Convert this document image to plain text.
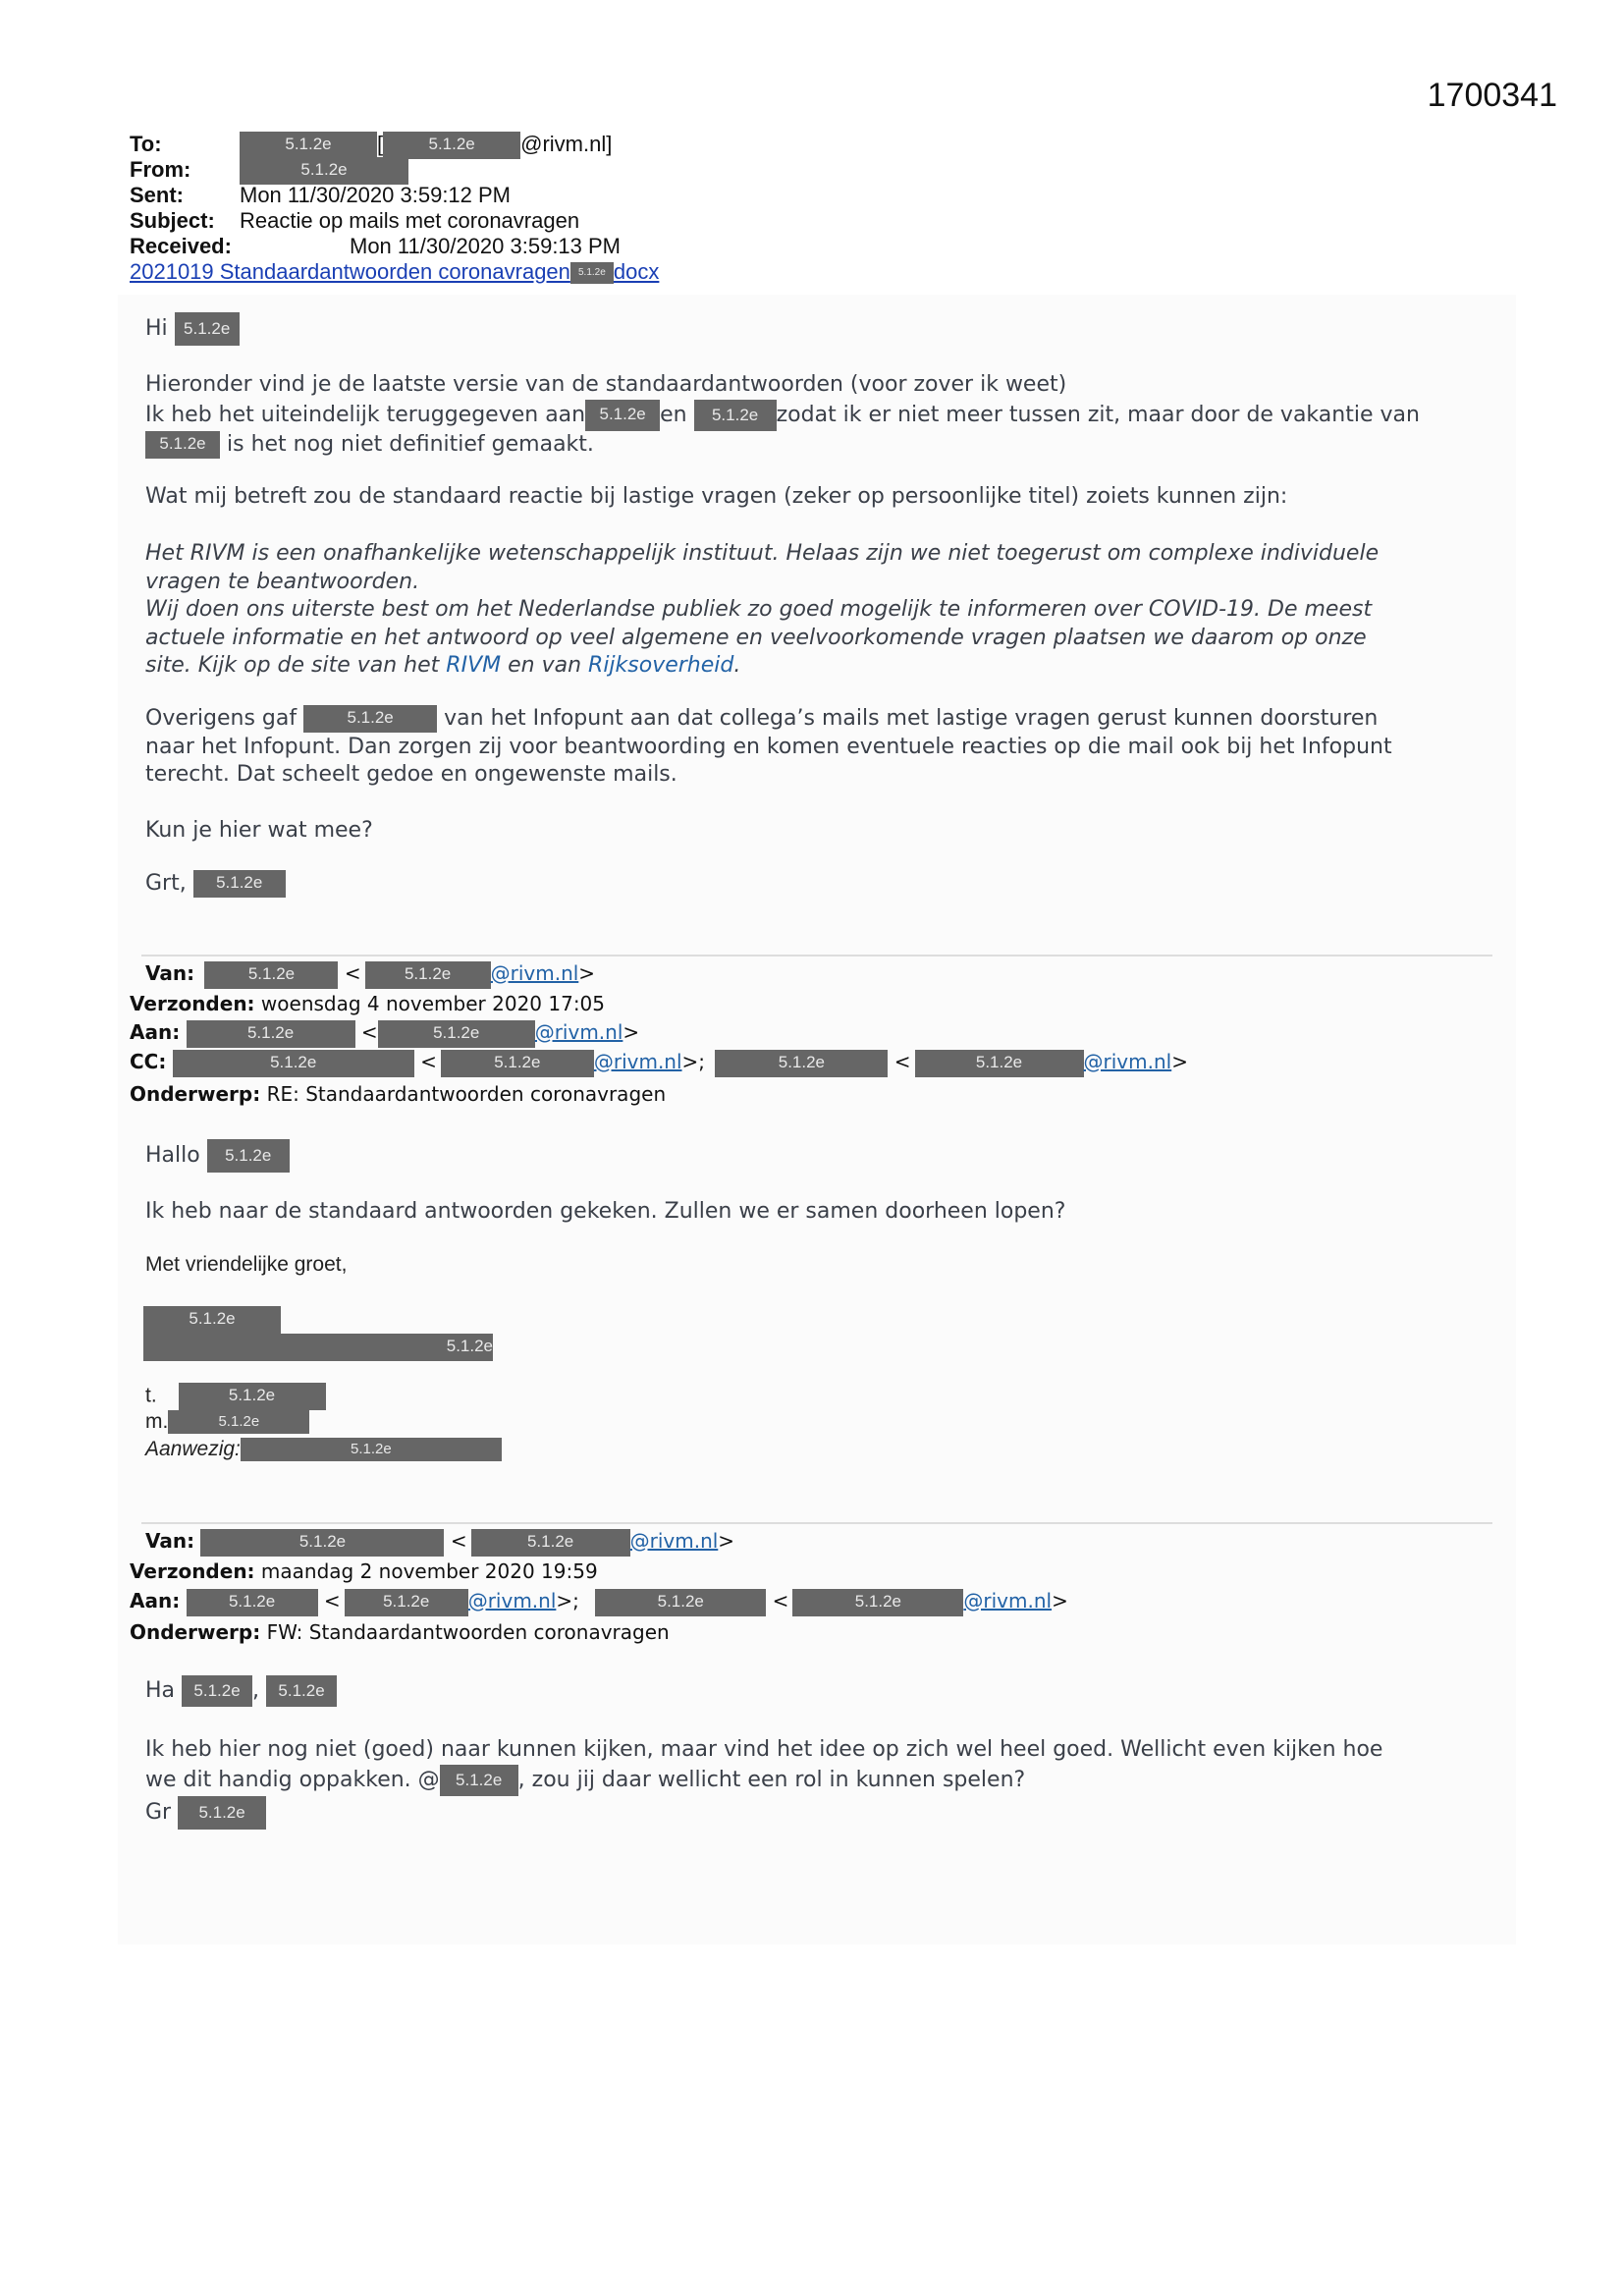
1700341
To:	5.1.2e [	5.1.2e @rivm.nl]
From:	5.1.2e
Sent:	Mon 11/30/2020 3:59:12 PM
Subject: Reactie op mails met coronavragen
Received:	Mon 11/30/2020 3:59:13 PM
2021019 Standaardantwoorden coronavragen 5.1.2e docx
Hi 5.1.2e
Hieronder vind je de laatste versie van de standaardantwoorden (voor zover ik weet)
Ik heb het uiteindelijk teruggegeven aan 5.1.2e en 5.1.2e zodat ik er niet meer tussen zit, maar door de vakantie van
5.1.2e is het nog niet definitief gemaakt.
Wat mij betreft zou de standaard reactie bij lastige vragen (zeker op persoonlijke titel) zoiets kunnen zijn:
Het RIVM is een onafhankelijke wetenschappelijk instituut. Helaas zijn we niet toegerust om complexe individuele
vragen te beantwoorden.
Wij doen ons uiterste best om het Nederlandse publiek zo goed mogelijk te informeren over COVID-19. De meest
actuele informatie en het antwoord op veel algemene en veelvoorkomende vragen plaatsen we daarom op onze
site. Kijk op de site van het RIVM en van Rijksoverheid.
Overigens gaf	5.1.2e van het Infopunt aan dat collega’s mails met lastige vragen gerust kunnen doorsturen
naar het Infopunt. Dan zorgen zij voor beantwoording en komen eventuele reacties op die mail ook bij het Infopunt
terecht. Dat scheelt gedoe en ongewenste mails.
Kun je hier wat mee?
Grt, 5.1.2e
Van:	5.1.2e <	5.1.2e @rivm.nl>
Verzonden: woensdag 4 november 2020 17:05
Aan:	5.1.2e	<	5.1.2e	@rivm.nl>
CC:	5.1.2e	<	5.1.2e	@rivm.nl>;	5.1.2e	<	5.1.2e	@rivm.nl>
Onderwerp: RE: Standaardantwoorden coronavragen
Hallo 5.1.2e
Ik heb naar de standaard antwoorden gekeken. Zullen we er samen doorheen lopen?
Met vriendelijke groet,
5.1.2e
5.1.2e
t.	5.1.2e
m.	5.1.2e
Aanwezig:	5.1.2e
Van:	5.1.2e	<	5.1.2e	@rivm.nl>
Verzonden: maandag 2 november 2020 19:59
Aan:	5.1.2e <	5.1.2e @rivm.nl>;	5.1.2e	<	5.1.2e	@rivm.nl>
Onderwerp: FW: Standaardantwoorden coronavragen
Ha 5.1.2e , 5.1.2e
Ik heb hier nog niet (goed) naar kunnen kijken, maar vind het idee op zich wel heel goed. Wellicht even kijken hoe
we dit handig oppakken. @ 5.1.2e , zou jij daar wellicht een rol in kunnen spelen?
Gr 5.1.2e
